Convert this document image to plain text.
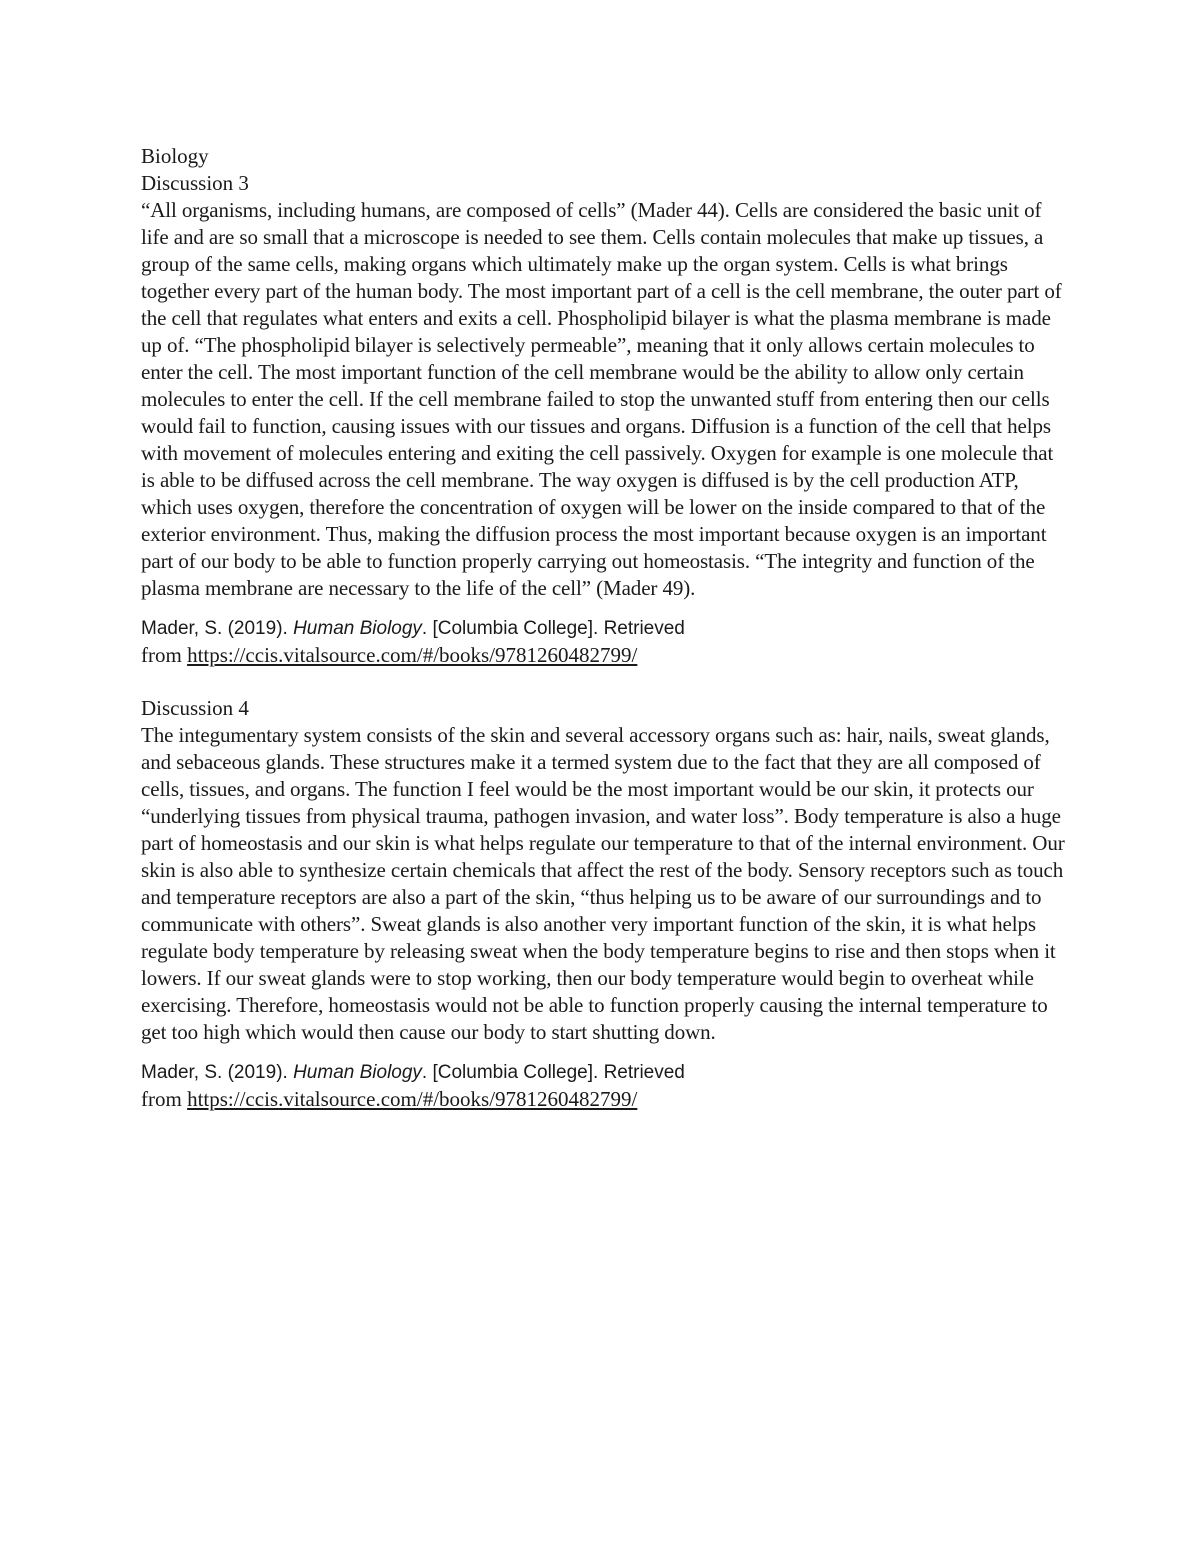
Biology
Discussion 3

“All organisms, including humans, are composed of cells” (Mader 44). Cells are considered the basic unit of life and are so small that a microscope is needed to see them. Cells contain molecules that make up tissues, a group of the same cells, making organs which ultimately make up the organ system. Cells is what brings together every part of the human body. The most important part of a cell is the cell membrane, the outer part of the cell that regulates what enters and exits a cell. Phospholipid bilayer is what the plasma membrane is made up of. “The phospholipid bilayer is selectively permeable”, meaning that it only allows certain molecules to enter the cell. The most important function of the cell membrane would be the ability to allow only certain molecules to enter the cell. If the cell membrane failed to stop the unwanted stuff from entering then our cells would fail to function, causing issues with our tissues and organs. Diffusion is a function of the cell that helps with movement of molecules entering and exiting the cell passively. Oxygen for example is one molecule that is able to be diffused across the cell membrane. The way oxygen is diffused is by the cell production ATP, which uses oxygen, therefore the concentration of oxygen will be lower on the inside compared to that of the exterior environment. Thus, making the diffusion process the most important because oxygen is an important part of our body to be able to function properly carrying out homeostasis. “The integrity and function of the plasma membrane are necessary to the life of the cell” (Mader 49).

Mader, S. (2019). Human Biology. [Columbia College]. Retrieved
from https://ccis.vitalsource.com/#/books/9781260482799/
Discussion 4

The integumentary system consists of the skin and several accessory organs such as: hair, nails, sweat glands, and sebaceous glands. These structures make it a termed system due to the fact that they are all composed of cells, tissues, and organs. The function I feel would be the most important would be our skin, it protects our “underlying tissues from physical trauma, pathogen invasion, and water loss”. Body temperature is also a huge part of homeostasis and our skin is what helps regulate our temperature to that of the internal environment. Our skin is also able to synthesize certain chemicals that affect the rest of the body. Sensory receptors such as touch and temperature receptors are also a part of the skin, “thus helping us to be aware of our surroundings and to communicate with others”. Sweat glands is also another very important function of the skin, it is what helps regulate body temperature by releasing sweat when the body temperature begins to rise and then stops when it lowers. If our sweat glands were to stop working, then our body temperature would begin to overheat while exercising. Therefore, homeostasis would not be able to function properly causing the internal temperature to get too high which would then cause our body to start shutting down.

Mader, S. (2019). Human Biology. [Columbia College]. Retrieved
from https://ccis.vitalsource.com/#/books/9781260482799/
